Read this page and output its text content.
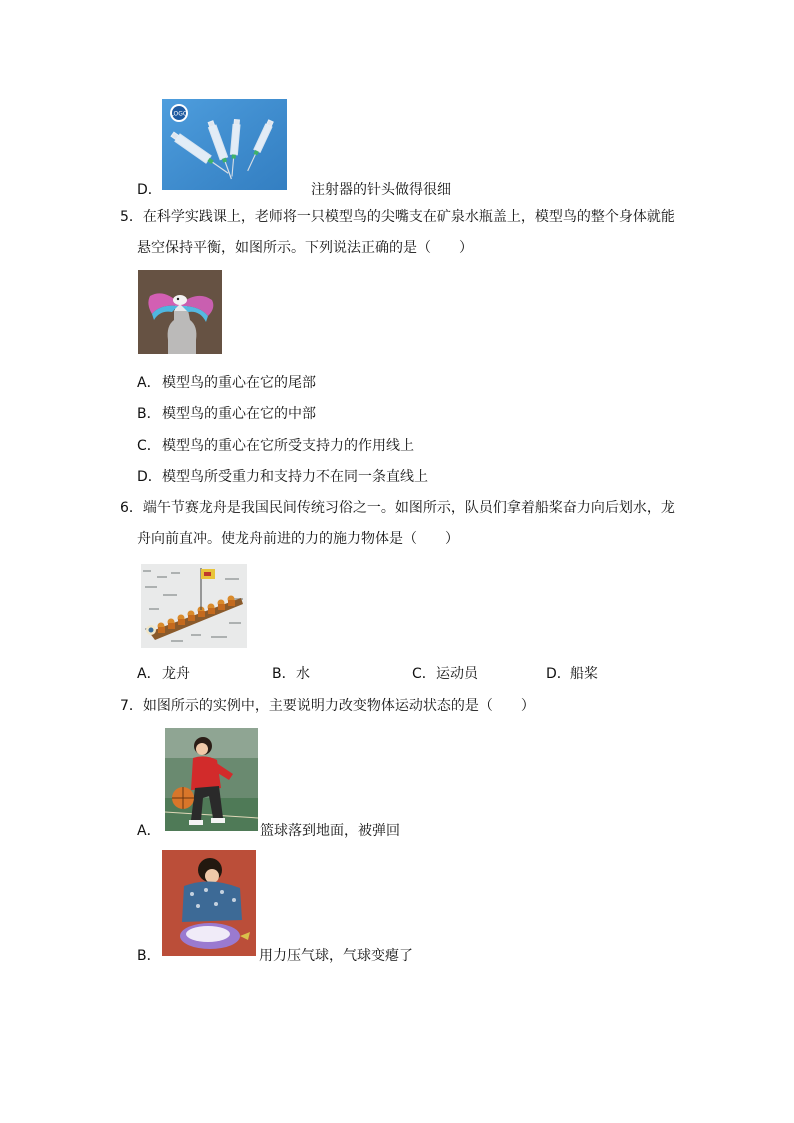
LOGO
D．	注射器的针头做得很细
5．在科学实践课上，老师将一只模型鸟的尖嘴支在矿泉水瓶盖上，模型鸟的整个身体就能
悬空保持平衡，如图所示。下列说法正确的是（　　）
A． 模型鸟的重心在它的尾部
B． 模型鸟的重心在它的中部
C． 模型鸟的重心在它所受支持力的作用线上
D． 模型鸟所受重力和支持力不在同一条直线上
6．端午节赛龙舟是我国民间传统习俗之一。如图所示，队员们拿着船桨奋力向后划水，龙
舟向前直冲。使龙舟前进的力的施力物体是（　　）
A． 龙舟	B． 水	C． 运动员	D． 船桨
7．如图所示的实例中，主要说明力改变物体运动状态的是（　　）
A．	篮球落到地面，被弹回
B．	用力压气球，气球变瘪了
